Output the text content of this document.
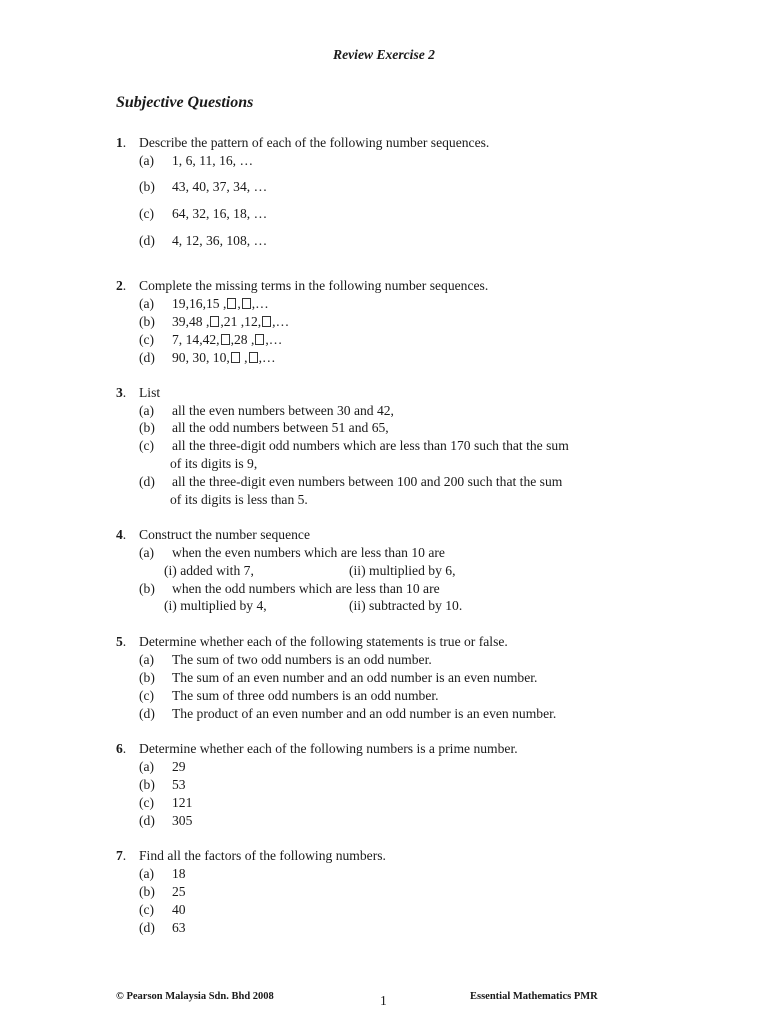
Review Exercise 2
Subjective Questions
1. Describe the pattern of each of the following number sequences.
(a) 1, 6, 11, 16, …
(b) 43, 40, 37, 34, …
(c) 64, 32, 16, 18, …
(d) 4, 12, 36, 108, …
2. Complete the missing terms in the following number sequences.
(a) 19,16,15 , , ,…
(b) 39,48 , ,21 ,12, ,…
(c) 7, 14,42, ,28 , ,…
(d) 90, 30, 10, , ,…
3. List
(a) all the even numbers between 30 and 42,
(b) all the odd numbers between 51 and 65,
(c) all the three-digit odd numbers which are less than 170 such that the sum
of its digits is 9,
(d) all the three-digit even numbers between 100 and 200 such that the sum
of its digits is less than 5.
4. Construct the number sequence
(a) when the even numbers which are less than 10 are
(i) added with 7,	(ii) multiplied by 6,
(b) when the odd numbers which are less than 10 are
(i) multiplied by 4,	(ii) subtracted by 10.
5. Determine whether each of the following statements is true or false.
(a) The sum of two odd numbers is an odd number.
(b) The sum of an even number and an odd number is an even number.
(c) The sum of three odd numbers is an odd number.
(d) The product of an even number and an odd number is an even number.
6. Determine whether each of the following numbers is a prime number.
(a) 29
(b) 53
(c) 121
(d) 305
7. Find all the factors of the following numbers.
(a) 18
(b) 25
(c) 40
(d) 63
© Pearson Malaysia Sdn. Bhd 2008	1	Essential Mathematics PMR
